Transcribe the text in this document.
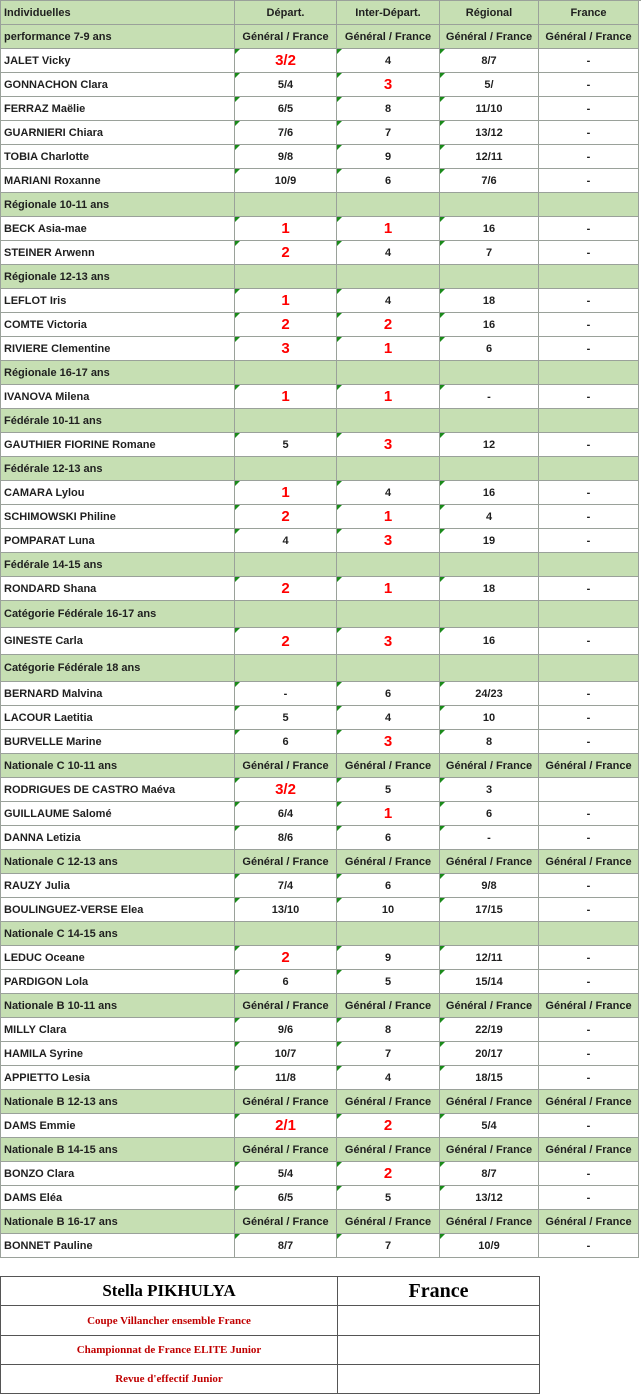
Individuelles	Départ.	Inter-Départ.	Régional	France
performance 7-9 ans	Général / France	Général / France	Général / France	Général / France
JALET Vicky	3/2	4	8/7	-
GONNACHON Clara	5/4	3	5/	-
FERRAZ Maëlie	6/5	8	11/10	-
GUARNIERI Chiara	7/6	7	13/12	-
TOBIA Charlotte	9/8	9	12/11	-
MARIANI Roxanne	10/9	6	7/6	-
Régionale 10-11 ans
BECK Asia-mae	1	1	16	-
STEINER Arwenn	2	4	7	-
Régionale 12-13 ans
LEFLOT Iris	1	4	18	-
COMTE Victoria	2	2	16	-
RIVIERE Clementine	3	1	6	-
Régionale 16-17 ans
IVANOVA Milena	1	1	-	-
Fédérale 10-11 ans
GAUTHIER FIORINE Romane	5	3	12	-
Fédérale 12-13 ans
CAMARA Lylou	1	4	16	-
SCHIMOWSKI Philine	2	1	4	-
POMPARAT Luna	4	3	19	-
Fédérale 14-15 ans
RONDARD Shana	2	1	18	-
Catégorie Fédérale 16-17 ans
GINESTE Carla	2	3	16	-
Catégorie Fédérale 18 ans
BERNARD Malvina	-	6	24/23	-
LACOUR Laetitia	5	4	10	-
BURVELLE Marine	6	3	8	-
Nationale C 10-11 ans	Général / France	Général / France	Général / France	Général / France
RODRIGUES DE CASTRO Maéva	3/2	5	3
GUILLAUME Salomé	6/4	1	6	-
DANNA Letizia	8/6	6	-	-
Nationale C 12-13 ans	Général / France	Général / France	Général / France	Général / France
RAUZY Julia	7/4	6	9/8	-
BOULINGUEZ-VERSE Elea	13/10	10	17/15	-
Nationale C 14-15 ans
LEDUC Oceane	2	9	12/11	-
PARDIGON Lola	6	5	15/14	-
Nationale B 10-11 ans	Général / France	Général / France	Général / France	Général / France
MILLY Clara	9/6	8	22/19	-
HAMILA Syrine	10/7	7	20/17	-
APPIETTO Lesia	11/8	4	18/15	-
Nationale B 12-13 ans	Général / France	Général / France	Général / France	Général / France
DAMS Emmie	2/1	2	5/4	-
Nationale B 14-15 ans	Général / France	Général / France	Général / France	Général / France
BONZO Clara	5/4	2	8/7	-
DAMS Eléa	6/5	5	13/12	-
Nationale B 16-17 ans	Général / France	Général / France	Général / France	Général / France
BONNET Pauline	8/7	7	10/9	-
Stella PIKHULYA	France
Coupe Villancher ensemble France
Championnat de France ELITE Junior
Revue d'effectif Junior
